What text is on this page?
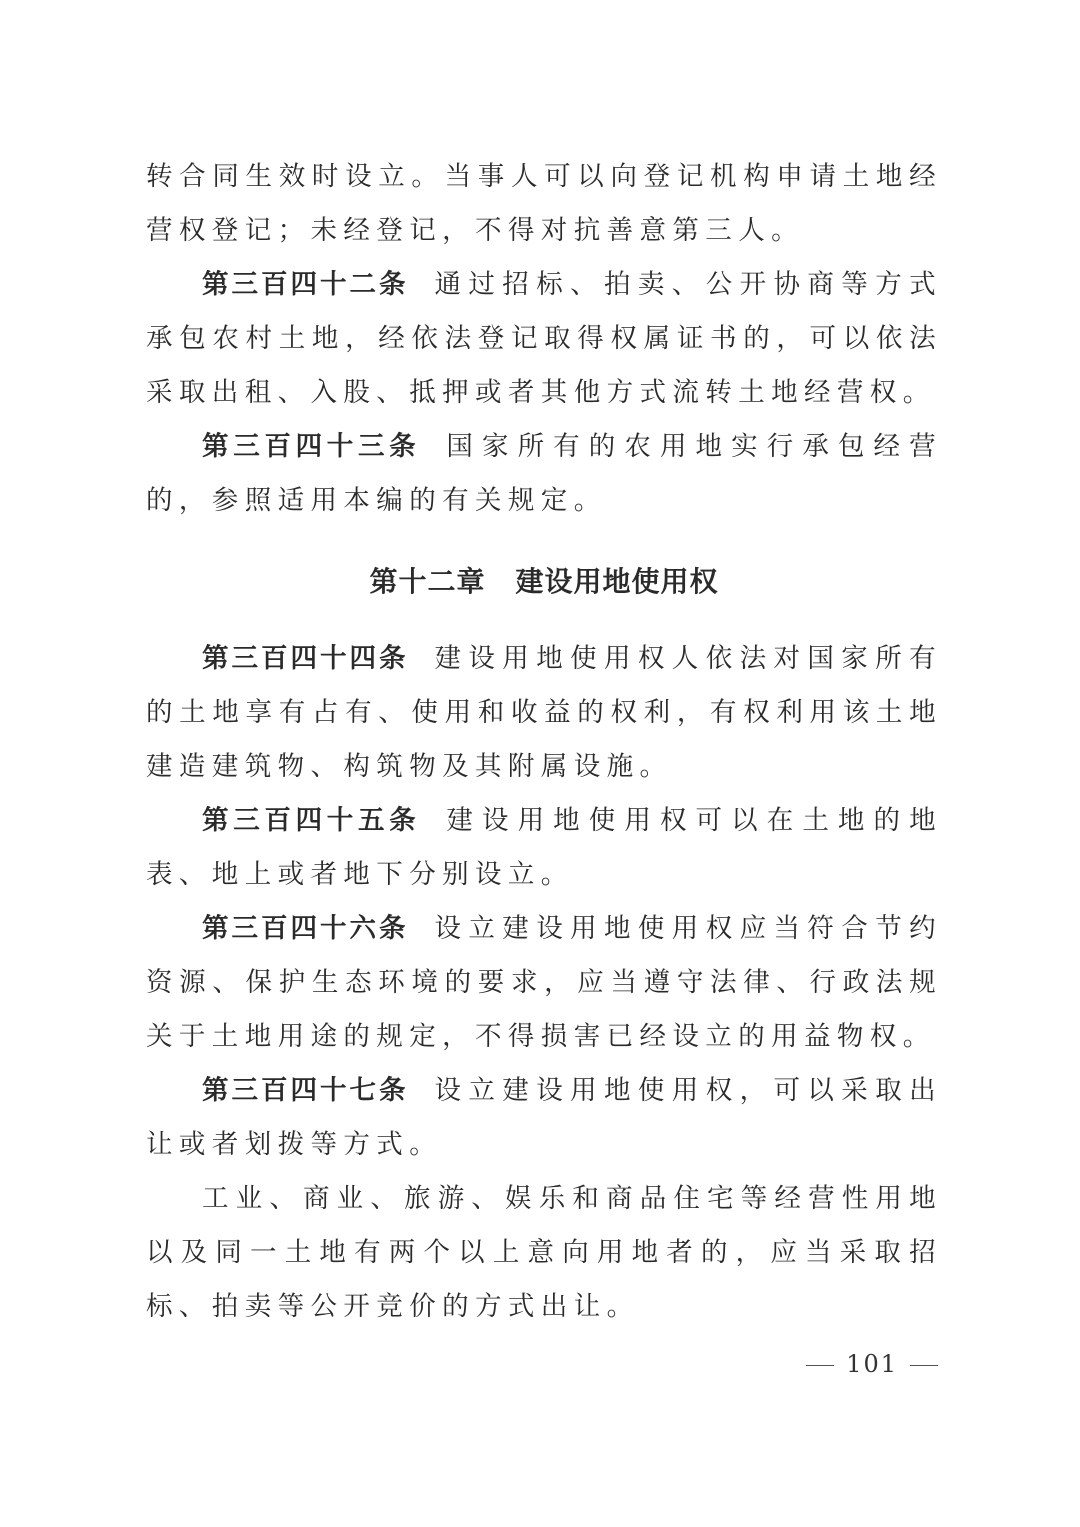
转合同生效时设立。当事人可以向登记机构申请土地经营权登记；未经登记，不得对抗善意第三人。

第三百四十二条 通过招标、拍卖、公开协商等方式承包农村土地，经依法登记取得权属证书的，可以依法采取出租、入股、抵押或者其他方式流转土地经营权。

第三百四十三条 国家所有的农用地实行承包经营的，参照适用本编的有关规定。

第十二章 建设用地使用权

第三百四十四条 建设用地使用权人依法对国家所有的土地享有占有、使用和收益的权利，有权利用该土地建造建筑物、构筑物及其附属设施。

第三百四十五条 建设用地使用权可以在土地的地表、地上或者地下分别设立。

第三百四十六条 设立建设用地使用权应当符合节约资源、保护生态环境的要求，应当遵守法律、行政法规关于土地用途的规定，不得损害已经设立的用益物权。

第三百四十七条 设立建设用地使用权，可以采取出让或者划拨等方式。

工业、商业、旅游、娱乐和商品住宅等经营性用地以及同一土地有两个以上意向用地者的，应当采取招标、拍卖等公开竞价的方式出让。

101
